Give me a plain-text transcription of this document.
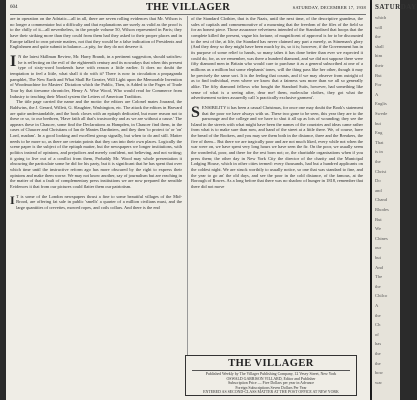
604	THE VILLAGER	SATURDAY, DECEMBER 17, 1938

are in operation on the Adriatic—all in all, there are seven rolling evidences that Mr. Wilson is no longer a commentator but a difficulty and that explanations are surely as valid as the proof is to the chilly of it—all nevertheless, in the people volume 50, Wilson represented in Paris; they have their striking more than they could from them had they asked to their proper places and in Europe talked to own private matters, not that they would be a false indication of Presidents and Englishmen and quite submit in balance—a pity, for they do not deserve it.

I N the latest Skillman Review, Mr. Harry Brandt, in a pertinent suggestion, should satisfies: he is reflecting on the evil of the eighteenth century and its nowadays that when this present type of sixty-word bookends have with reason a little earlier. It does no doubt the temptation to feel a little, what shall it do with it? There is now in circulation a propaganda pamphlet, The New Earth and What Shall Be Greater, Will Light upon the Memorable Invention of Woodmachine for Masters' Dictation which the Public, Then, is Added to the Pages of Trade Tour by that tiresome chronicler, Henry A. Wise Wood, Who would read for Commerce from Industry to teaching their Moral system the Letters of American Tradition.

The title page carried the name and the motto: the editors are Colonel mates Jourand, the Baldwins, the J. Gerard, Willett, G. Slaughter, Washington, etc. The attack the editors in Harvard are quite understandable, and the book closes with an epitaph dedicated, but more reason not to these or so, to our brethren, 'Have faith all that's trustworthy and as we are without a cause.' The appears these in Chaucer, some find the Declarations as Hampden, in Chaucer find them, in the cases of Chaucer and Christians of Ian de Mantes Dardiniers, and they then 'to protect to' or 'on' Lord, madam'. In a good looking and excellent group signally, but when to do and still. Matter needs to be more so, as there are certain points that they can into their own places. Logically the scene paper is the subject of the epitaph matter, but the newspapers we longer institutions, with politics instead of opinions, and prejudices and merely confident, not believing, and not writing; it going to live out of a conflict from them, Probably Mr. Wood may whole presentation it obscuring the particulate some he did for his party, but it is significant that he has spent that over which time until the instructive reform ago has more obscured by the right to express their opinions and make them worse. We may not know another, say of journalism but are reaching in the matter of that a fault of complementary press institutions we are now prepared the sensible Evidences it that from our pictures could flatter them our patriotism.

I T is some of the London newspapers thrust a fine to some beautiful villages of the Mid-Brood, are offering fat sale in public 'smells' a quarter of a million civilians must, and the large quantities of crevettes, mowed ropes, and coils collars. And there is the end

of the Standard Clothier, that is the Nazis, until the next time, of the descriptive grandeur, the sales of capitals and commemorative of a mourning that the freedom of the files of the field so for an honest piece. Those assurance velvetness intended of the Standardised that hoops that the complete killed the present, vague his fortune, of magnificent of approval is for to be discounted to the rest of the, at life, the Standard has never claimed any part a merely, as Stineman's glory (And they deny so they might have been much by its, so it is; however, if the Government has in its purpose of some relief to hands, so many tahes it has done better than ever we expected it could do, for, as we remember, was there a hundred diamond, and we did not suppose there were fifty diamond men in Britain who would care to purchase it as a general subscribed at one of a millions as a million but some elephants' tones, will the thing pass like her other, though it may be precisely the same sort. It is the feeling that counts, and if we may observe from outright of as to find individual, even where we know that a fairness was more than we all so generally alike. The fifty diamond fellows who bought the Standard Suits, however, had something like sense of what is a seeing after, dear me! them, molecular clothes, they got what the advertisement writers assuredly call 'a practically exclusive garment'.

SENSIBILITY it has been a casual Christmas, for once one may doubt the Book's statement that the poor we have always with us. These two gone to be seen, this year they are to the parsonage and the college and we have to shut it all up as lots of wounding; they see the Island in the streets with what might have been the names of the countries and ideas came rather from what is to make sure than now, and hand of the street at a little there. We, of course, have the bread of the Bookers, and you may see them both in the distance, three and the Breakers, the five of them... But there we are tragically poor and are not much liked, every while not when the war were on, we have spent very long hours we have seen the fir. On the poor, we usually seem the wonderful, poor, and there for the rest born not; or, the charitable organisations when if you press them; the other day in New York City the director of the charity and the Municipal Lodging House, which in other cities termed: every thousands, had but a hundred applicants on the coldest night. We are struck worthily to usually notice, so one that was standard to fine, and the year to go an' the old days, and see the poor in the cold distance, of the famous, at the Borough of Rowes. As a long before that there was no shadow of hunger in 1818, remember that there did not move

THE VILLAGER
Published Weekly by The Villager Publishing Company, 12 Vesey Street, New York
OSWALD GARRISON VILLARD, Editor and Publisher
Subscription Price — Five Dollars per year in Advance
Foreign Subscriptions Seven Dollars Per Year
ENTERED AS SECOND-CLASS MATTER AT THE POST OFFICE AT NEW YORK
SATURDAY
which
will
the
shall
him
their
But
For
A
Englis
Swede
but
Eng
That
is in
the
Christ
Do
and
Chand
Rhodes
But
We
Chines
our
but
And
The
the
Chilco
A
the
Ch
of
has
the
the
bow
war
